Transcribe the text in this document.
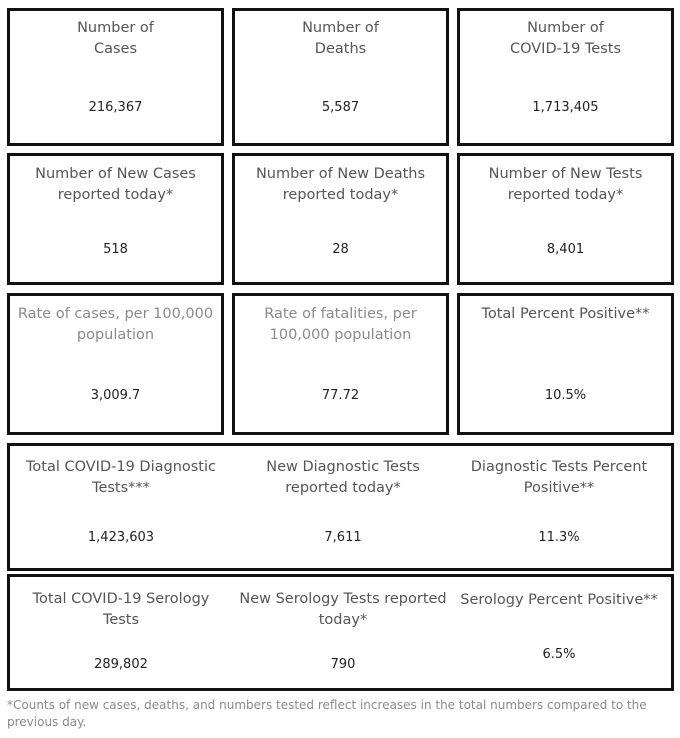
Number of
Cases
216,367
Number of
Deaths
5,587
Number of
COVID-19 Tests
1,713,405
Number of New Cases
reported today*
518
Number of New Deaths
reported today*
28
Number of New Tests
reported today*
8,401
Rate of cases, per 100,000
population
3,009.7
Rate of fatalities, per
100,000 population
77.72
Total Percent Positive**
10.5%
Total COVID-19 Diagnostic
Tests***
1,423,603
New Diagnostic Tests
reported today*
7,611
Diagnostic Tests Percent
Positive**
11.3%
Total COVID-19 Serology
Tests
289,802
New Serology Tests reported
today*
790
Serology Percent Positive**
6.5%
*Counts of new cases, deaths, and numbers tested reflect increases in the total numbers compared to the previous day.
